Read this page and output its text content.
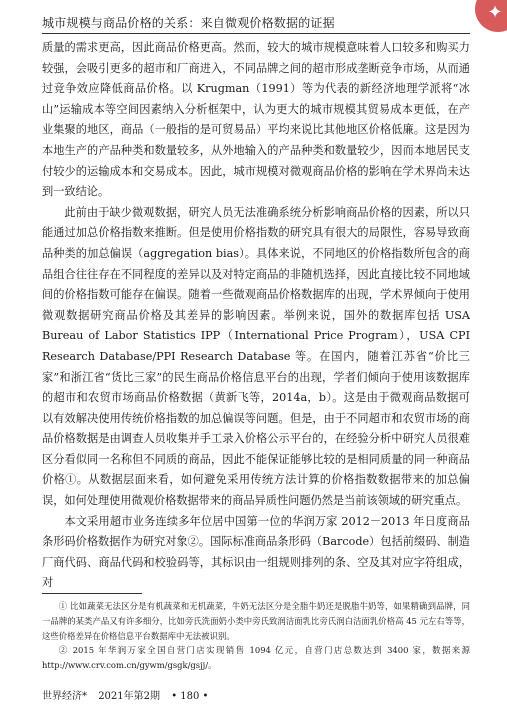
城市规模与商品价格的关系：来自微观价格数据的证据
✦

质量的需求更高，因此商品价格更高。然而，较大的城市规模意味着人口较多和购买力较强，会吸引更多的超市和厂商进入，不同品牌之间的超市形成垄断竞争市场，从而通过竞争效应降低商品价格。以 Krugman（1991）等为代表的新经济地理学派将“冰山”运输成本等空间因素纳入分析框架中，认为更大的城市规模其贸易成本更低，在产业集聚的地区，商品（一般指的是可贸易品）平均来说比其他地区价格低廉。这是因为本地生产的产品种类和数量较多，从外地输入的产品种类和数量较少，因而本地居民支付较少的运输成本和交易成本。因此，城市规模对微观商品价格的影响在学术界尚未达到一致结论。

此前由于缺少微观数据，研究人员无法准确系统分析影响商品价格的因素，所以只能通过加总价格指数来推断。但是使用价格指数的研究具有很大的局限性，容易导致商品种类的加总偏误（aggregation bias）。具体来说，不同地区的价格指数所包含的商品组合往往存在不同程度的差异以及对特定商品的非随机选择，因此直接比较不同地域间的价格指数可能存在偏误。随着一些微观商品价格数据库的出现，学术界倾向于使用微观数据研究商品价格及其差异的影响因素。举例来说，国外的数据库包括 USA Bureau of Labor Statistics IPP（International Price Program），USA CPI Research Database/PPI Research Database 等。在国内，随着江苏省“价比三家”和浙江省“货比三家”的民生商品价格信息平台的出现，学者们倾向于使用该数据库的超市和农贸市场商品价格数据（黄新飞等，2014a，b）。这是由于微观商品数据可以有效解决使用传统价格指数的加总偏误等问题。但是，由于不同超市和农贸市场的商品价格数据是由调查人员收集并手工录入价格公示平台的，在经验分析中研究人员很难区分看似同一名称但不同质的商品，因此不能保证能够比较的是相同质量的同一种商品价格①。从数据层面来看，如何避免采用传统方法计算的价格指数数据带来的加总偏误，如何处理使用微观价格数据带来的商品异质性问题仍然是当前该领域的研究重点。

本文采用超市业务连续多年位居中国第一位的华润万家 2012－2013 年日度商品条形码价格数据作为研究对象②。国际标准商品条形码（Barcode）包括前缀码、制造厂商代码、商品代码和校验码等，其标识由一组规则排列的条、空及其对应字符组成，对

① 比如蔬菜无法区分是有机蔬菜和无机蔬菜，牛奶无法区分是全脂牛奶还是脱脂牛奶等，如果精确到品牌，同一品牌的某类产品又有许多细分，比如旁氏洗面奶小类中旁氏致润洁面乳比旁氏润白洁面乳价格高 45 元左右等等，这些价格差异在价格信息平台数据库中无法被识别。

② 2015 年华润万家全国自营门店实现销售 1094 亿元，自营门店总数达到 3400 家，数据来源 http://www.crv.com.cn/gywm/gsgk/gsjj/。

世界经济* 2021年第2期 • 180 •
